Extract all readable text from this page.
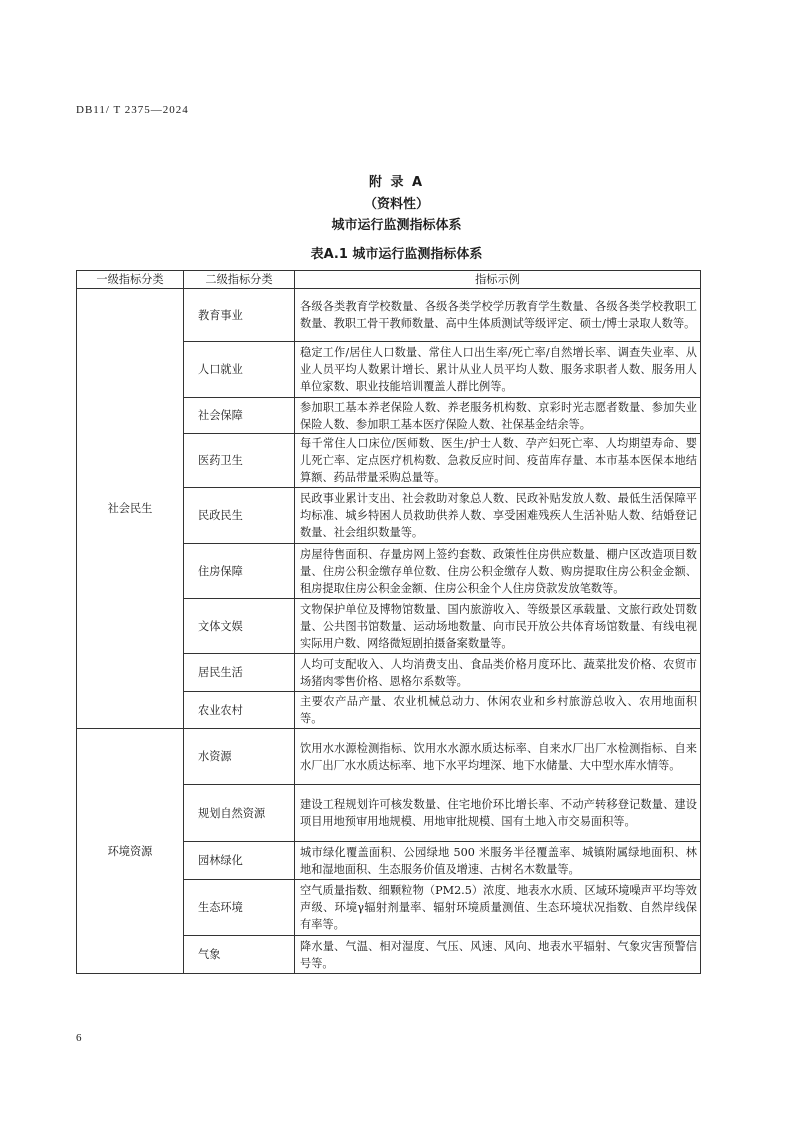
DB11/ T 2375—2024
附 录 A
（资料性）
城市运行监测指标体系
表A.1 城市运行监测指标体系
一级指标分类	二级指标分类	指标示例
社会民生	教育事业	各级各类教育学校数量、各级各类学校学历教育学生数量、各级各类学校教职工数量、教职工骨干教师数量、高中生体质测试等级评定、硕士/博士录取人数等。
	人口就业	稳定工作/居住人口数量、常住人口出生率/死亡率/自然增长率、调查失业率、从业人员平均人数累计增长、累计从业人员平均人数、服务求职者人数、服务用人单位家数、职业技能培训覆盖人群比例等。
	社会保障	参加职工基本养老保险人数、养老服务机构数、京彩时光志愿者数量、参加失业保险人数、参加职工基本医疗保险人数、社保基金结余等。
	医药卫生	每千常住人口床位/医师数、医生/护士人数、孕产妇死亡率、人均期望寿命、婴儿死亡率、定点医疗机构数、急救反应时间、疫苗库存量、本市基本医保本地结算额、药品带量采购总量等。
	民政民生	民政事业累计支出、社会救助对象总人数、民政补贴发放人数、最低生活保障平均标准、城乡特困人员救助供养人数、享受困难残疾人生活补贴人数、结婚登记数量、社会组织数量等。
	住房保障	房屋待售面积、存量房网上签约套数、政策性住房供应数量、棚户区改造项目数量、住房公积金缴存单位数、住房公积金缴存人数、购房提取住房公积金金额、租房提取住房公积金金额、住房公积金个人住房贷款发放笔数等。
	文体文娱	文物保护单位及博物馆数量、国内旅游收入、等级景区承载量、文旅行政处罚数量、公共图书馆数量、运动场地数量、向市民开放公共体育场馆数量、有线电视实际用户数、网络微短剧拍摄备案数量等。
	居民生活	人均可支配收入、人均消费支出、食品类价格月度环比、蔬菜批发价格、农贸市场猪肉零售价格、恩格尔系数等。
	农业农村	主要农产品产量、农业机械总动力、休闲农业和乡村旅游总收入、农用地面积等。
环境资源	水资源	饮用水水源检测指标、饮用水水源水质达标率、自来水厂出厂水检测指标、自来水厂出厂水水质达标率、地下水平均埋深、地下水储量、大中型水库水情等。
	规划自然资源	建设工程规划许可核发数量、住宅地价环比增长率、不动产转移登记数量、建设项目用地预审用地规模、用地审批规模、国有土地入市交易面积等。
	园林绿化	城市绿化覆盖面积、公园绿地 500 米服务半径覆盖率、城镇附属绿地面积、林地和湿地面积、生态服务价值及增速、古树名木数量等。
	生态环境	空气质量指数、细颗粒物（PM2.5）浓度、地表水水质、区域环境噪声平均等效声级、环境γ辐射剂量率、辐射环境质量测值、生态环境状况指数、自然岸线保有率等。
	气象	降水量、气温、相对湿度、气压、风速、风向、地表水平辐射、气象灾害预警信号等。
6
